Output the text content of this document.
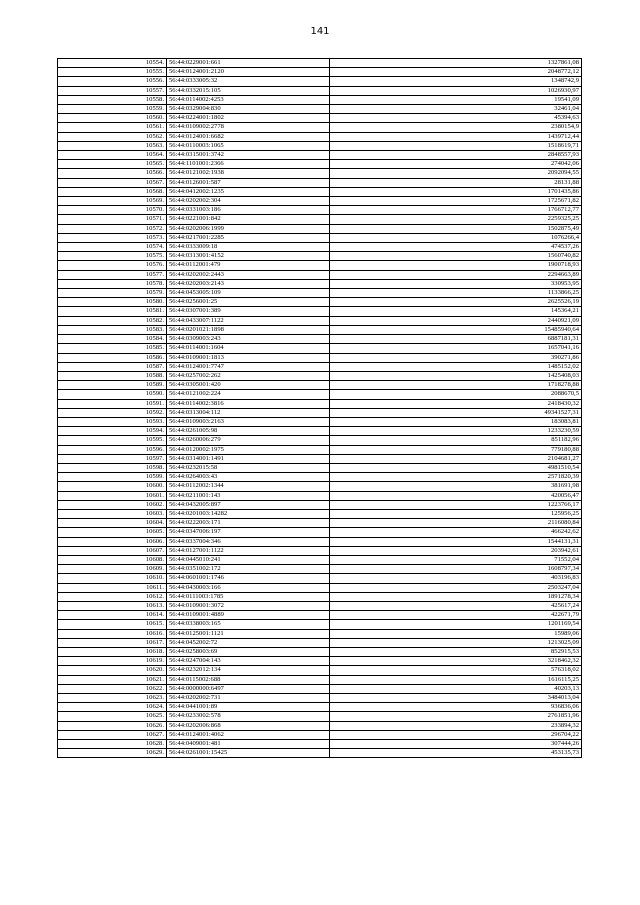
141
10554.	56:44:0229001:661	1327861,08
10555.	56:44:0124001:2120	2048772,12
10556.	56:44:0333005:32	1348742,9
10557.	56:44:0332015:105	1026930,97
10558.	56:44:0114002:4253	19541,09
10559.	56:44:0329004:830	32461,04
10560.	56:44:0224001:1802	45394,63
10561.	56:44:0109002:2778	2380154,9
10562.	56:44:0124001:6682	1439712,44
10563.	56:44:0110003:1065	1518619,71
10564.	56:44:0315001:3742	2848557,93
10565.	56:44:1101001:2366	274042,06
10566.	56:44:0121002:1938	2092094,55
10567.	56:44:0126001:587	28131,88
10568.	56:44:0412002:1235	1701435,86
10569.	56:44:0202002:304	1725671,82
10570.	56:44:0331003:186	1766712,77
10571.	56:44:0221001:842	2259325,25
10572.	56:44:0202006:1999	1502875,49
10573.	56:44:0217001:2285	1076266,4
10574.	56:44:0333009:18	474537,26
10575.	56:44:0313001:4152	1560740,82
10576.	56:44:0112001:479	1900718,93
10577.	56:44:0202002:2443	2294663,89
10578.	56:44:0202003:2143	330953,95
10579.	56:44:0453005:109	1133866,25
10580.	56:44:0256001:25	2625526,19
10581.	56:44:0307001:389	145364,21
10582.	56:44:0433007:1122	2440921,09
10583.	56:44:0201021:1898	15485940,64
10584.	56:44:0309003:243	6887181,31
10585.	56:44:0114001:1604	1657041,16
10586.	56:44:0109001:1813	390271,86
10587.	56:44:0124001:7747	1485152,02
10588.	56:44:0257002:262	1425408,03
10589.	56:44:0305001:420	1718278,88
10590.	56:44:0121002:224	2088670,5
10591.	56:44:0114002:3816	2418430,32
10592.	56:44:0313004:112	49341527,31
10593.	56:44:0109003:2163	183083,81
10594.	56:44:0261005:98	1233230,59
10595.	56:44:0260006:279	851182,96
10596.	56:44:0120002:1975	779180,88
10597.	56:44:0314001:1491	2104681,27
10598.	56:44:0232015:58	4981510,54
10599.	56:44:0264003:43	2571820,39
10600.	56:44:0112002:1344	381691,98
10601.	56:44:0211001:143	420056,47
10602.	56:44:0432005:897	1223766,17
10603.	56:44:0201003:14282	125956,25
10604.	56:44:0222003:171	2116080,84
10605.	56:44:0347006:197	466242,62
10606.	56:44:0337004:346	1544131,31
10607.	56:44:0127001:1122	203942,61
10608.	56:44:0445010:241	71552,04
10609.	56:44:0351002:172	1608797,34
10610.	56:44:0601001:1746	403196,83
10611.	56:44:0430003:166	2503247,04
10612.	56:44:0111003:1785	1891278,34
10613.	56:44:0109001:3072	425617,24
10614.	56:44:0109001:4889	422671,79
10615.	56:44:0338003:165	1201169,54
10616.	56:44:0125001:1121	15989,06
10617.	56:44:0452002:72	1213025,09
10618.	56:44:0258003:69	852915,53
10619.	56:44:0247004:143	3218462,32
10620.	56:44:0232012:134	576318,02
10621.	56:44:0115002:688	1616115,25
10622.	56:44:0000000:6497	40203,13
10623.	56:44:0202002:731	3484013,04
10624.	56:44:0441001:89	936836,06
10625.	56:44:0233002:578	2761851,96
10626.	56:44:0202006:868	233894,32
10627.	56:44:0124001:4062	296704,22
10628.	56:44:0409001:481	307444,26
10629.	56:44:0261001:15425	453135,73
